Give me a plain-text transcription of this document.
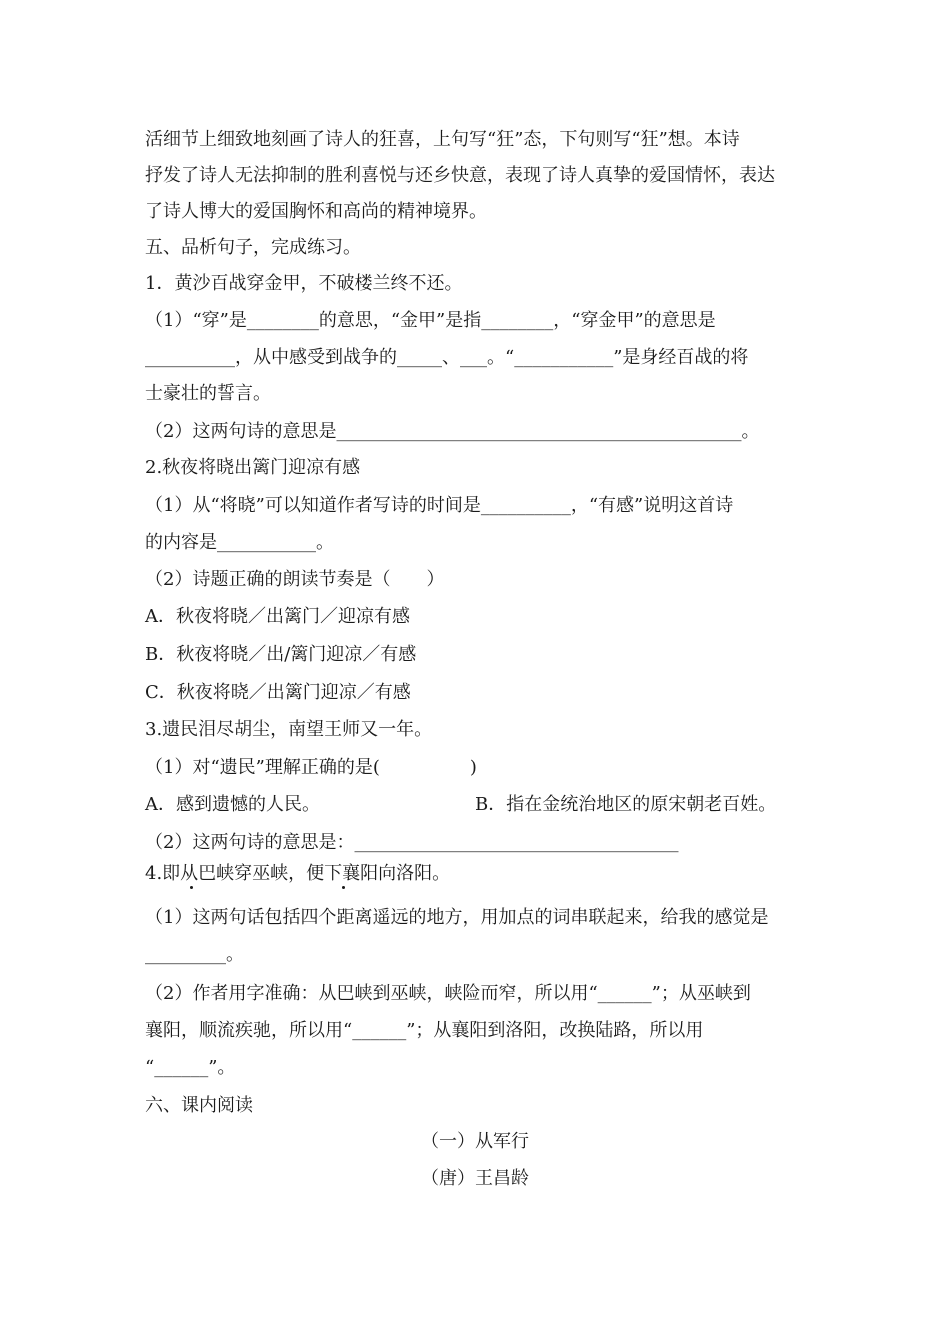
活细节上细致地刻画了诗人的狂喜，上句写“狂”态，下句则写“狂”想。本诗
抒发了诗人无法抑制的胜利喜悦与还乡快意，表现了诗人真挚的爱国情怀，表达
了诗人博大的爱国胸怀和高尚的精神境界。
五、品析句子，完成练习。
1．黄沙百战穿金甲，不破楼兰终不还。
（1）“穿”是________的意思，“金甲”是指________，“穿金甲”的意思是
__________，从中感受到战争的_____、___。“___________”是身经百战的将
士豪壮的誓言。
（2）这两句诗的意思是_____________________________________________。
2.秋夜将晓出篱门迎凉有感
（1）从“将晓”可以知道作者写诗的时间是__________，“有感”说明这首诗
的内容是___________。
（2）诗题正确的朗读节奏是（　　）
A．秋夜将晓／出篱门／迎凉有感
B．秋夜将晓／出/篱门迎凉／有感
C．秋夜将晓／出篱门迎凉／有感
3.遗民泪尽胡尘，南望王师又一年。
（1）对“遗民”理解正确的是(　　　　　)
A．感到遗憾的人民。	B．指在金统治地区的原宋朝老百姓。
（2）这两句诗的意思是：____________________________________
4.即从巴峡穿巫峡，便下襄阳向洛阳。
（1）这两句话包括四个距离遥远的地方，用加点的词串联起来，给我的感觉是
_________。
（2）作者用字准确：从巴峡到巫峡，峡险而窄，所以用“______”；从巫峡到
襄阳，顺流疾驰，所以用“______”；从襄阳到洛阳，改换陆路，所以用
“______”。
六、课内阅读
（一）从军行
（唐）王昌龄
